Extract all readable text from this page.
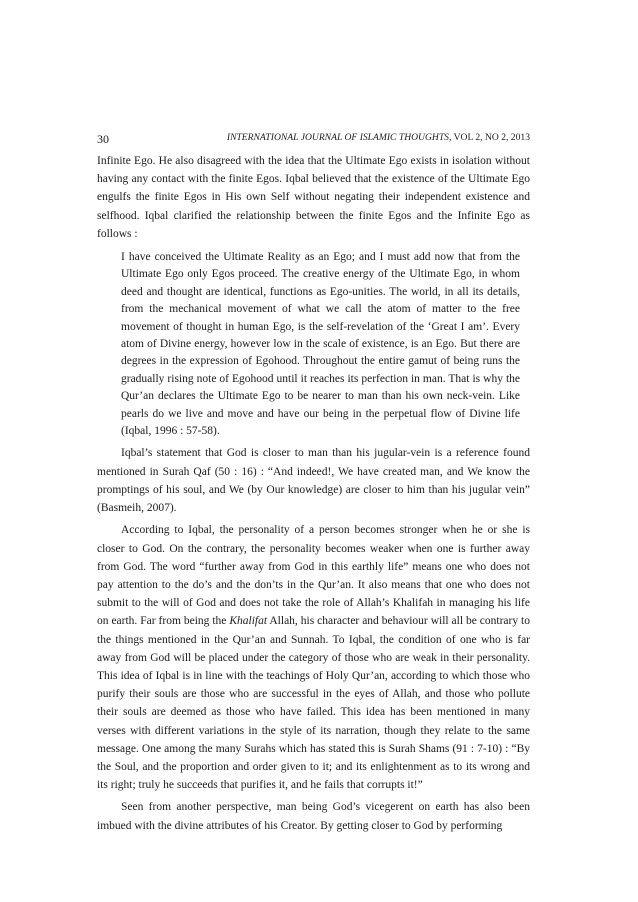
30	INTERNATIONAL JOURNAL OF ISLAMIC THOUGHTS, VOL 2, NO 2, 2013

Infinite Ego. He also disagreed with the idea that the Ultimate Ego exists in isolation without having any contact with the finite Egos. Iqbal believed that the existence of the Ultimate Ego engulfs the finite Egos in His own Self without negating their independent existence and selfhood. Iqbal clarified the relationship between the finite Egos and the Infinite Ego as follows :

I have conceived the Ultimate Reality as an Ego; and I must add now that from the Ultimate Ego only Egos proceed. The creative energy of the Ultimate Ego, in whom deed and thought are identical, functions as Ego-unities. The world, in all its details, from the mechanical movement of what we call the atom of matter to the free movement of thought in human Ego, is the self-revelation of the ‘Great I am’. Every atom of Divine energy, however low in the scale of existence, is an Ego. But there are degrees in the expression of Egohood. Throughout the entire gamut of being runs the gradually rising note of Egohood until it reaches its perfection in man. That is why the Qur’an declares the Ultimate Ego to be nearer to man than his own neck-vein. Like pearls do we live and move and have our being in the perpetual flow of Divine life (Iqbal, 1996 : 57-58).

Iqbal’s statement that God is closer to man than his jugular-vein is a reference found mentioned in Surah Qaf (50 : 16) : “And indeed!, We have created man, and We know the promptings of his soul, and We (by Our knowledge) are closer to him than his jugular vein” (Basmeih, 2007).

According to Iqbal, the personality of a person becomes stronger when he or she is closer to God. On the contrary, the personality becomes weaker when one is further away from God. The word “further away from God in this earthly life” means one who does not pay attention to the do’s and the don’ts in the Qur’an. It also means that one who does not submit to the will of God and does not take the role of Allah’s Khalifah in managing his life on earth. Far from being the Khalifat Allah, his character and behaviour will all be contrary to the things mentioned in the Qur’an and Sunnah. To Iqbal, the condition of one who is far away from God will be placed under the category of those who are weak in their personality. This idea of Iqbal is in line with the teachings of Holy Qur’an, according to which those who purify their souls are those who are successful in the eyes of Allah, and those who pollute their souls are deemed as those who have failed. This idea has been mentioned in many verses with different variations in the style of its narration, though they relate to the same message. One among the many Surahs which has stated this is Surah Shams (91 : 7-10) : “By the Soul, and the proportion and order given to it; and its enlightenment as to its wrong and its right; truly he succeeds that purifies it, and he fails that corrupts it!”

Seen from another perspective, man being God’s vicegerent on earth has also been imbued with the divine attributes of his Creator. By getting closer to God by performing
